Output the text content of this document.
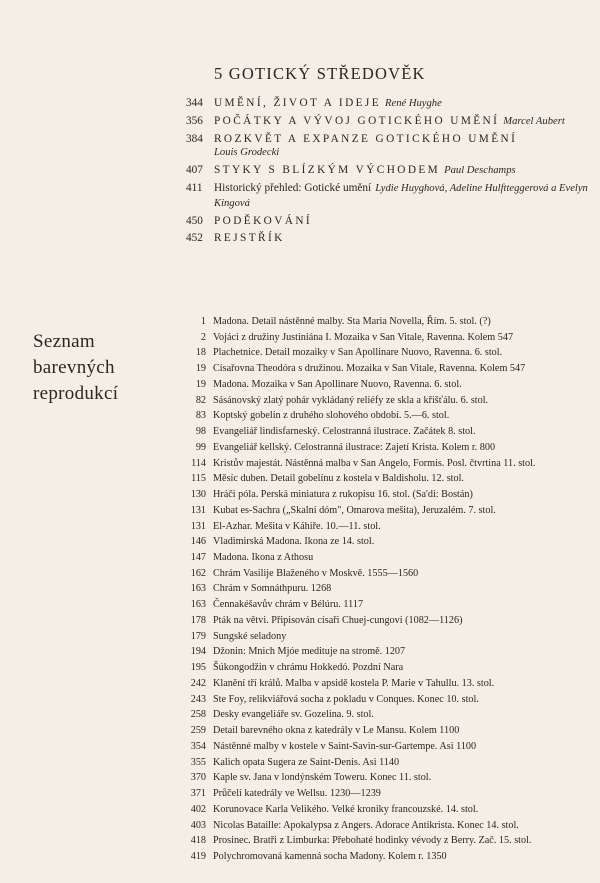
5 GOTICKÝ STŘEDOVĚK
344 UMĚNÍ, ŽIVOT A IDEJE René Huyghe
356 POČÁTKY A VÝVOJ GOTICKÉHO UMĚNÍ Marcel Aubert
384 ROZKVĚT A EXPANZE GOTICKÉHO UMĚNÍ
Louis Grodecki
407 STYKY S BLÍZKÝM VÝCHODEM Paul Deschamps
411	Historický přehled: Gotické umění Lydie Huyghová, Adeline Hulftteggerová a Evelyn Kingová
450 PODĚKOVÁNÍ
452 REJSTŘÍK
Seznam
barevných
reprodukcí
1 Madona. Detail nástěnné malby. Sta Maria Novella, Řím. 5. stol. (?)
2 Vojáci z družiny Justiniána I. Mozaika v San Vitale, Ravenna. Kolem 547
18 Plachetnice. Detail mozaiky v San Apollinare Nuovo, Ravenna. 6. stol.
19 Císařovna Theodóra s družinou. Mozaika v San Vitale, Ravenna. Kolem 547
19 Madona. Mozaika v San Apollinare Nuovo, Ravenna. 6. stol.
82 Sásánovský zlatý pohár vykládaný reliéfy ze skla a křišťálu. 6. stol.
83 Koptský gobelín z druhého slohového období. 5.—6. stol.
98 Evangeliář lindisfarneský. Celostranná ilustrace. Začátek 8. stol.
99 Evangeliář kellský. Celostranná ilustrace: Zajetí Krista. Kolem r. 800
114 Kristův majestát. Nástěnná malba v San Angelo, Formis. Posl. čtvrtina 11. stol.
115 Měsíc duben. Detail gobelínu z kostela v Baldisholu. 12. stol.
130 Hráči póla. Perská miniatura z rukopisu 16. stol. (Sa'di: Bostán)
131 Kubat es-Sachra („Skalní dóm", Omarova mešita), Jeruzalém. 7. stol.
131 El-Azhar. Mešita v Káhiře. 10.—11. stol.
146 Vladimirská Madona. Ikona ze 14. stol.
147 Madona. Ikona z Athosu
162 Chrám Vasilije Blaženého v Moskvě. 1555—1560
163 Chrám v Somnáthpuru. 1268
163 Čennakéšavův chrám v Bélúru. 1117
178 Pták na větvi. Připisován císaři Chuej-cungovi (1082—1126)
179 Sungské seladony
194 Džonin: Mnich Mjóe medituje na stromě. 1207
195 Šúkongodžin v chrámu Hokkedó. Pozdní Nara
242 Klanění tří králů. Malba v apsidě kostela P. Marie v Tahullu. 13. stol.
243 Ste Foy, relikviářová socha z pokladu v Conques. Konec 10. stol.
258 Desky evangeliáře sv. Gozelina. 9. stol.
259 Detail barevného okna z katedrály v Le Mansu. Kolem 1100
354 Nástěnné malby v kostele v Saint-Savin-sur-Gartempe. Asi 1100
355 Kalich opata Sugera ze Saint-Denis. Asi 1140
370 Kaple sv. Jana v londýnském Toweru. Konec 11. stol.
371 Průčelí katedrály ve Wellsu. 1230—1239
402 Korunovace Karla Velikého. Velké kroniky francouzské. 14. stol.
403 Nicolas Bataille: Apokalypsa z Angers. Adorace Antikrista. Konec 14. stol.
418 Prosinec. Bratři z Limburka: Přebohaté hodinky vévody z Berry. Zač. 15. stol.
419 Polychromovaná kamenná socha Madony. Kolem r. 1350
